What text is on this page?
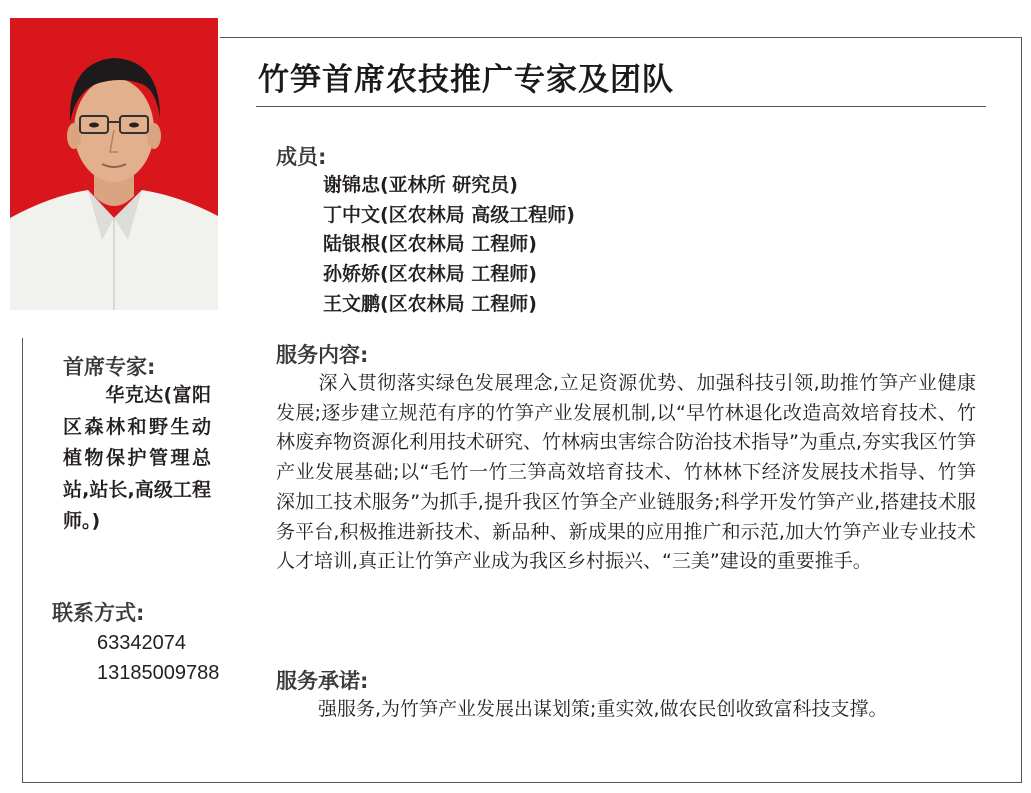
竹笋首席农技推广专家及团队
成员:
谢锦忠(亚林所 研究员)
丁中文(区农林局 高级工程师)
陆银根(区农林局 工程师)
孙娇娇(区农林局 工程师)
王文鹏(区农林局 工程师)
服务内容:
深入贯彻落实绿色发展理念,立足资源优势、加强科技引领,助推竹笋产业健康发展;逐步建立规范有序的竹笋产业发展机制,以“早竹林退化改造高效培育技术、竹林废弃物资源化利用技术研究、竹林病虫害综合防治技术指导”为重点,夯实我区竹笋产业发展基础;以“毛竹一竹三笋高效培育技术、竹林林下经济发展技术指导、竹笋深加工技术服务”为抓手,提升我区竹笋全产业链服务;科学开发竹笋产业,搭建技术服务平台,积极推进新技术、新品种、新成果的应用推广和示范,加大竹笋产业专业技术人才培训,真正让竹笋产业成为我区乡村振兴、“三美”建设的重要推手。
服务承诺:
强服务,为竹笋产业发展出谋划策;重实效,做农民创收致富科技支撑。
首席专家:
华克达(富阳区森林和野生动植物保护管理总站,站长,高级工程师。)
联系方式:
63342074
13185009788
